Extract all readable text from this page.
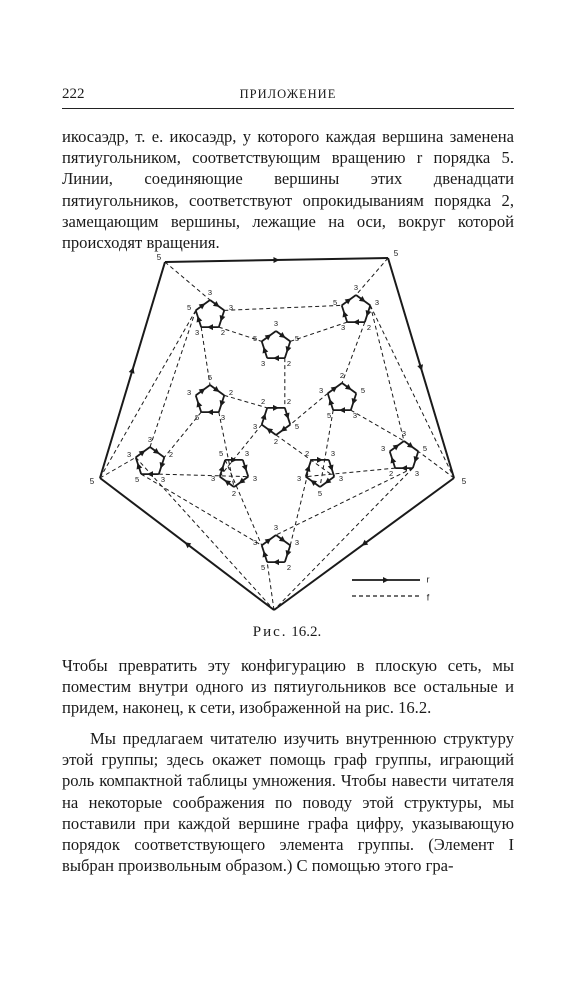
222	ПРИЛОЖЕНИЕ

икосаэдр, т. е. икосаэдр, у которого каждая вершина заменена пятиугольником, соответствующим вращению r порядка 5. Линии, соединяющие вершины этих двенадцати пятиугольников, соответствуют опрокидываниям порядка 2, замещающим вершины, лежащие на оси, вокруг которой происходят вращения.

5	5
5
5
3
3
2
3
5
3
3
2
3
5
3
5
2
3
5
5
2
3
5
3
2
5
3
5
3
2
5
2
3
2
3
2
3
5
3
2
3
5	3
3
5
3
2	3
3
3
5
3
2
3
3
3
2
5
3
r
f
Рис. 16.2.

Чтобы превратить эту конфигурацию в плоскую сеть, мы поместим внутри одного из пятиугольников все остальные и придем, наконец, к сети, изображенной на рис. 16.2.

Мы предлагаем читателю изучить внутреннюю структуру этой группы; здесь окажет помощь граф группы, играющий роль компактной таблицы умножения. Чтобы навести читателя на некоторые соображения по поводу этой структуры, мы поставили при каждой вершине графа цифру, указывающую порядок соответствующего элемента группы. (Элемент I выбран произвольным образом.) С помощью этого гра-
